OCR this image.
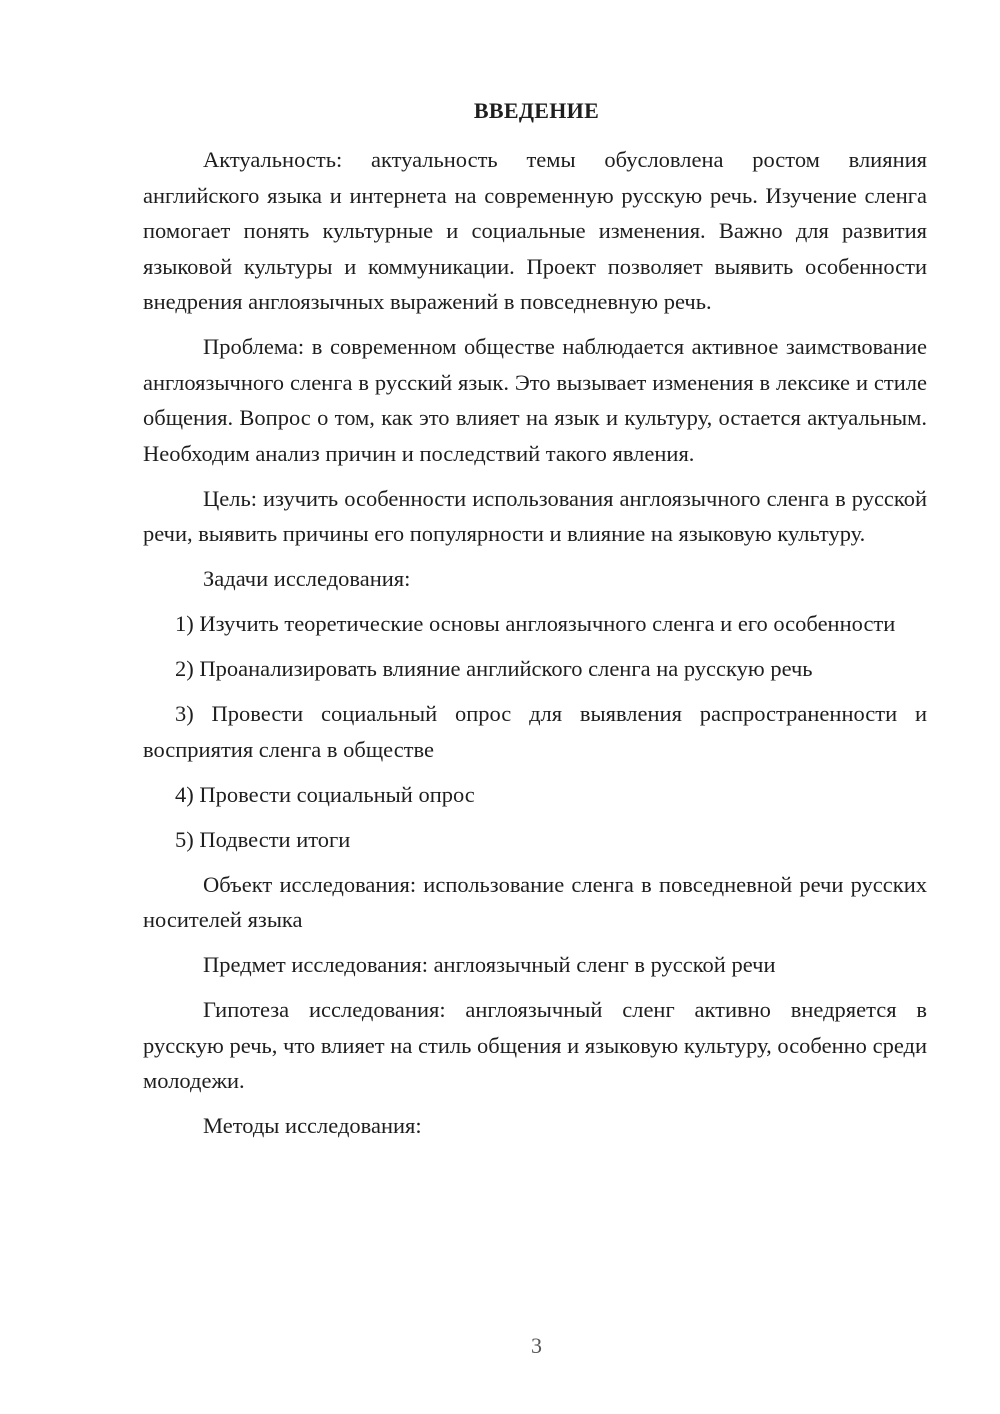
ВВЕДЕНИЕ

Актуальность: актуальность темы обусловлена ростом влияния английского языка и интернета на современную русскую речь. Изучение сленга помогает понять культурные и социальные изменения. Важно для развития языковой культуры и коммуникации. Проект позволяет выявить особенности внедрения англоязычных выражений в повседневную речь.

Проблема: в современном обществе наблюдается активное заимствование англоязычного сленга в русский язык. Это вызывает изменения в лексике и стиле общения. Вопрос о том, как это влияет на язык и культуру, остается актуальным. Необходим анализ причин и последствий такого явления.

Цель: изучить особенности использования англоязычного сленга в русской речи, выявить причины его популярности и влияние на языковую культуру.

Задачи исследования:

1) Изучить теоретические основы англоязычного сленга и его особенности

2) Проанализировать влияние английского сленга на русскую речь

3) Провести социальный опрос для выявления распространенности и восприятия сленга в обществе

4) Провести социальный опрос

5) Подвести итоги

Объект исследования: использование сленга в повседневной речи русских носителей языка

Предмет исследования: англоязычный сленг в русской речи

Гипотеза исследования: англоязычный сленг активно внедряется в русскую речь, что влияет на стиль общения и языковую культуру, особенно среди молодежи.

Методы исследования:

3
